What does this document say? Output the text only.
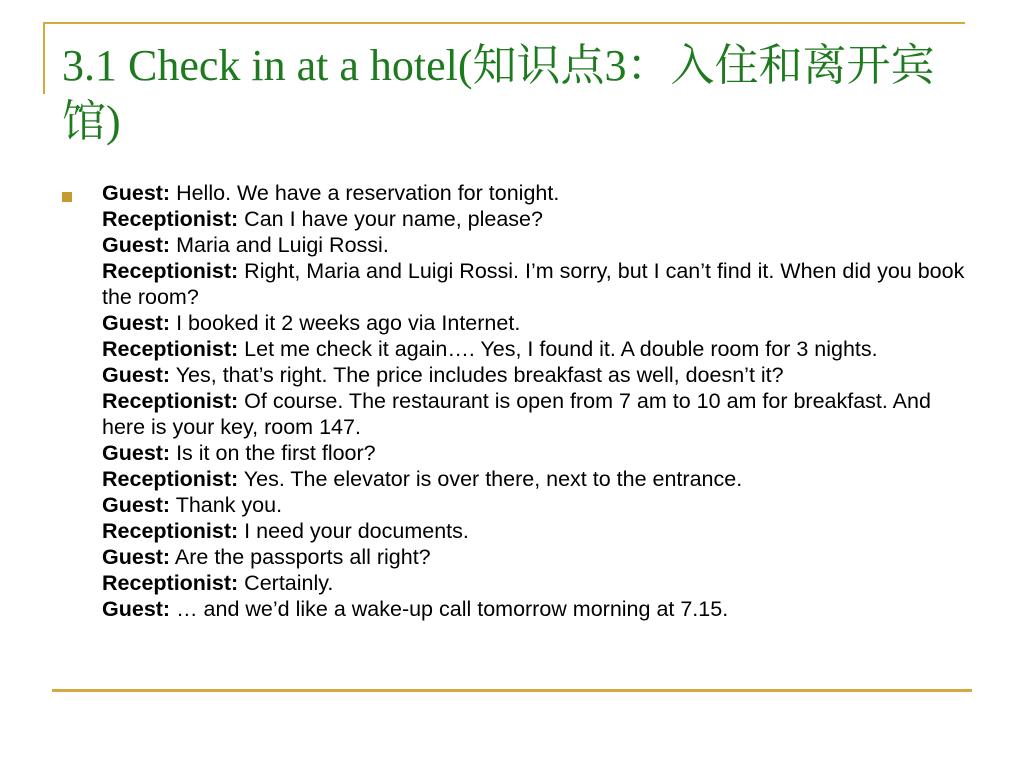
3.1 Check in at a hotel(知识点3：入住和离开宾馆)
Guest: Hello. We have a reservation for tonight.
Receptionist: Can I have your name, please?
Guest: Maria and Luigi Rossi.
Receptionist: Right, Maria and Luigi Rossi. I’m sorry, but I can’t find it. When did you book the room?
Guest: I booked it 2 weeks ago via Internet.
Receptionist: Let me check it again…. Yes, I found it. A double room for 3 nights.
Guest: Yes, that’s right. The price includes breakfast as well, doesn’t it?
Receptionist: Of course. The restaurant is open from 7 am to 10 am for breakfast. And here is your key, room 147.
Guest: Is it on the first floor?
Receptionist: Yes. The elevator is over there, next to the entrance.
Guest: Thank you.
Receptionist: I need your documents.
Guest: Are the passports all right?
Receptionist: Certainly.
Guest: … and we’d like a wake-up call tomorrow morning at 7.15.
